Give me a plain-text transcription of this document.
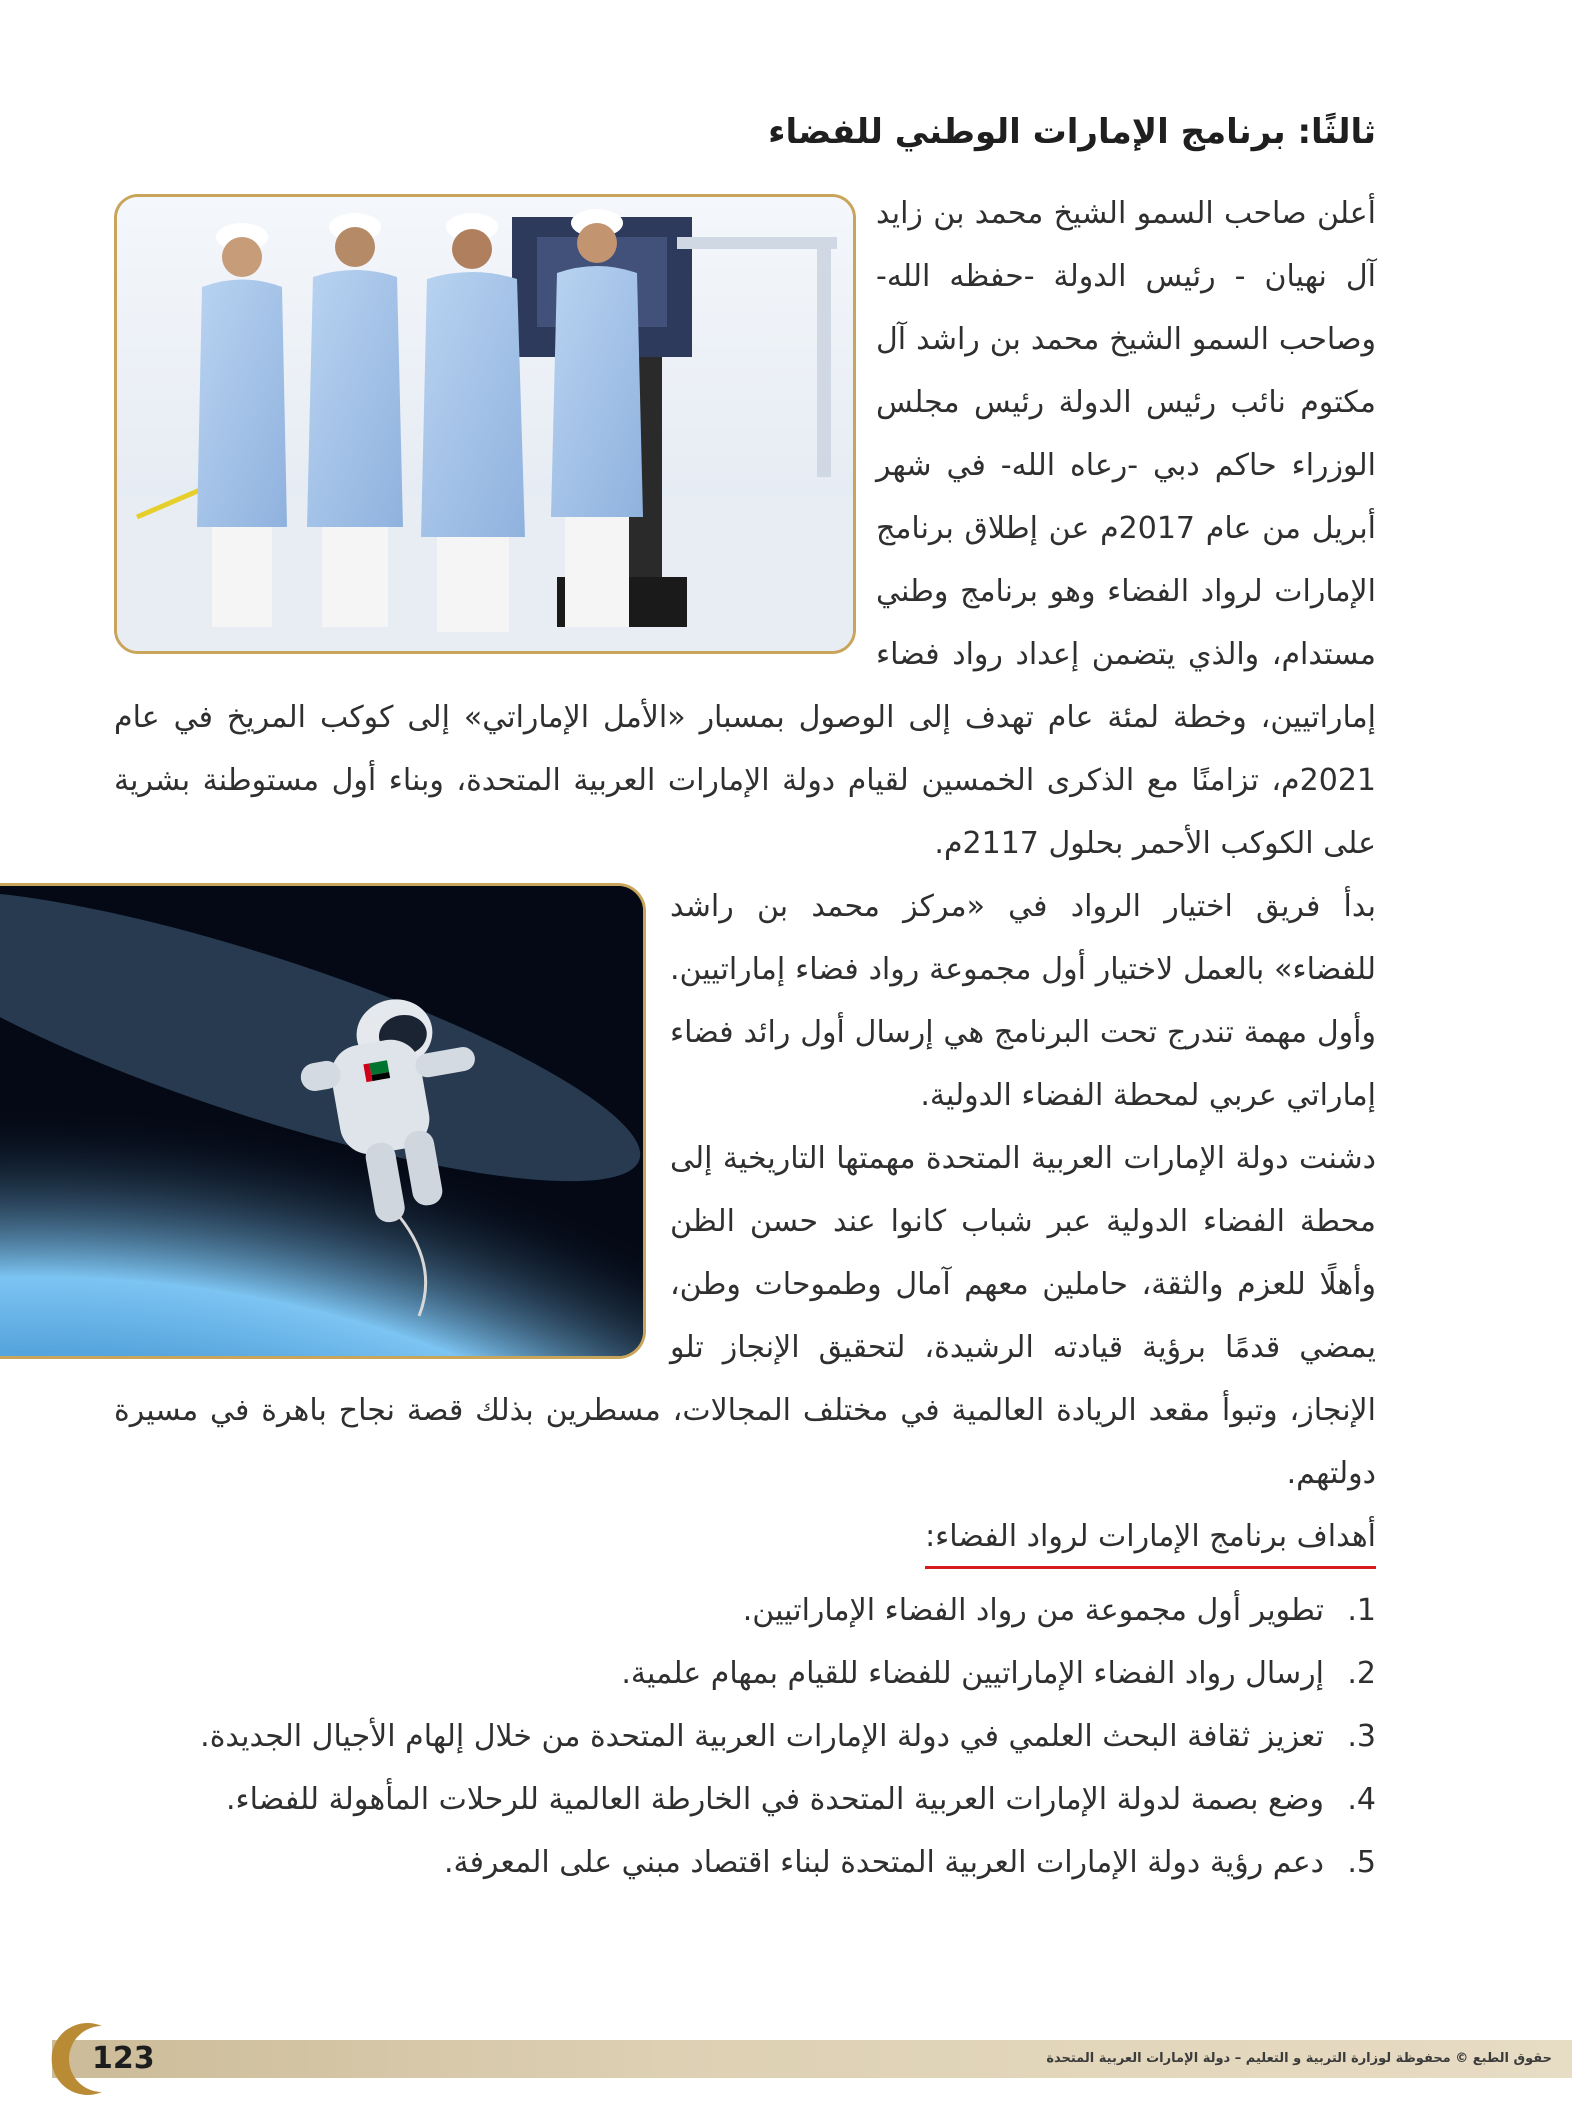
ثالثًا: برنامج الإمارات الوطني للفضاء

أعلن صاحب السمو الشيخ محمد بن زايد آل نهيان - رئيس الدولة -حفظه الله- وصاحب السمو الشيخ محمد بن راشد آل مكتوم نائب رئيس الدولة رئيس مجلس الوزراء حاكم دبي -رعاه الله- في شهر أبريل من عام 2017م عن إطلاق برنامج الإمارات لرواد الفضاء وهو برنامج وطني مستدام، والذي يتضمن إعداد رواد فضاء إماراتيين، وخطة لمئة عام تهدف إلى الوصول بمسبار «الأمل الإماراتي» إلى كوكب المريخ في عام 2021م، تزامنًا مع الذكرى الخمسين لقيام دولة الإمارات العربية المتحدة، وبناء أول مستوطنة بشرية على الكوكب الأحمر بحلول 2117م.

بدأ فريق اختيار الرواد في «مركز محمد بن راشد للفضاء» بالعمل لاختيار أول مجموعة رواد فضاء إماراتيين. وأول مهمة تندرج تحت البرنامج هي إرسال أول رائد فضاء إماراتي عربي لمحطة الفضاء الدولية.

دشنت دولة الإمارات العربية المتحدة مهمتها التاريخية إلى محطة الفضاء الدولية عبر شباب كانوا عند حسن الظن وأهلًا للعزم والثقة، حاملين معهم آمال وطموحات وطن، يمضي قدمًا برؤية قيادته الرشيدة، لتحقيق الإنجاز تلو الإنجاز، وتبوأ مقعد الريادة العالمية في مختلف المجالات، مسطرين بذلك قصة نجاح باهرة في مسيرة دولتهم.

أهداف برنامج الإمارات لرواد الفضاء:
1.
تطوير أول مجموعة من رواد الفضاء الإماراتيين.
2.
إرسال رواد الفضاء الإماراتيين للفضاء للقيام بمهام علمية.
3.
تعزيز ثقافة البحث العلمي في دولة الإمارات العربية المتحدة من خلال إلهام الأجيال الجديدة.
4.
وضع بصمة لدولة الإمارات العربية المتحدة في الخارطة العالمية للرحلات المأهولة للفضاء.
5.
دعم رؤية دولة الإمارات العربية المتحدة لبناء اقتصاد مبني على المعرفة.
123	حقوق الطبع © محفوظة لوزارة التربية و التعليم – دولة الإمارات العربية المتحدة
